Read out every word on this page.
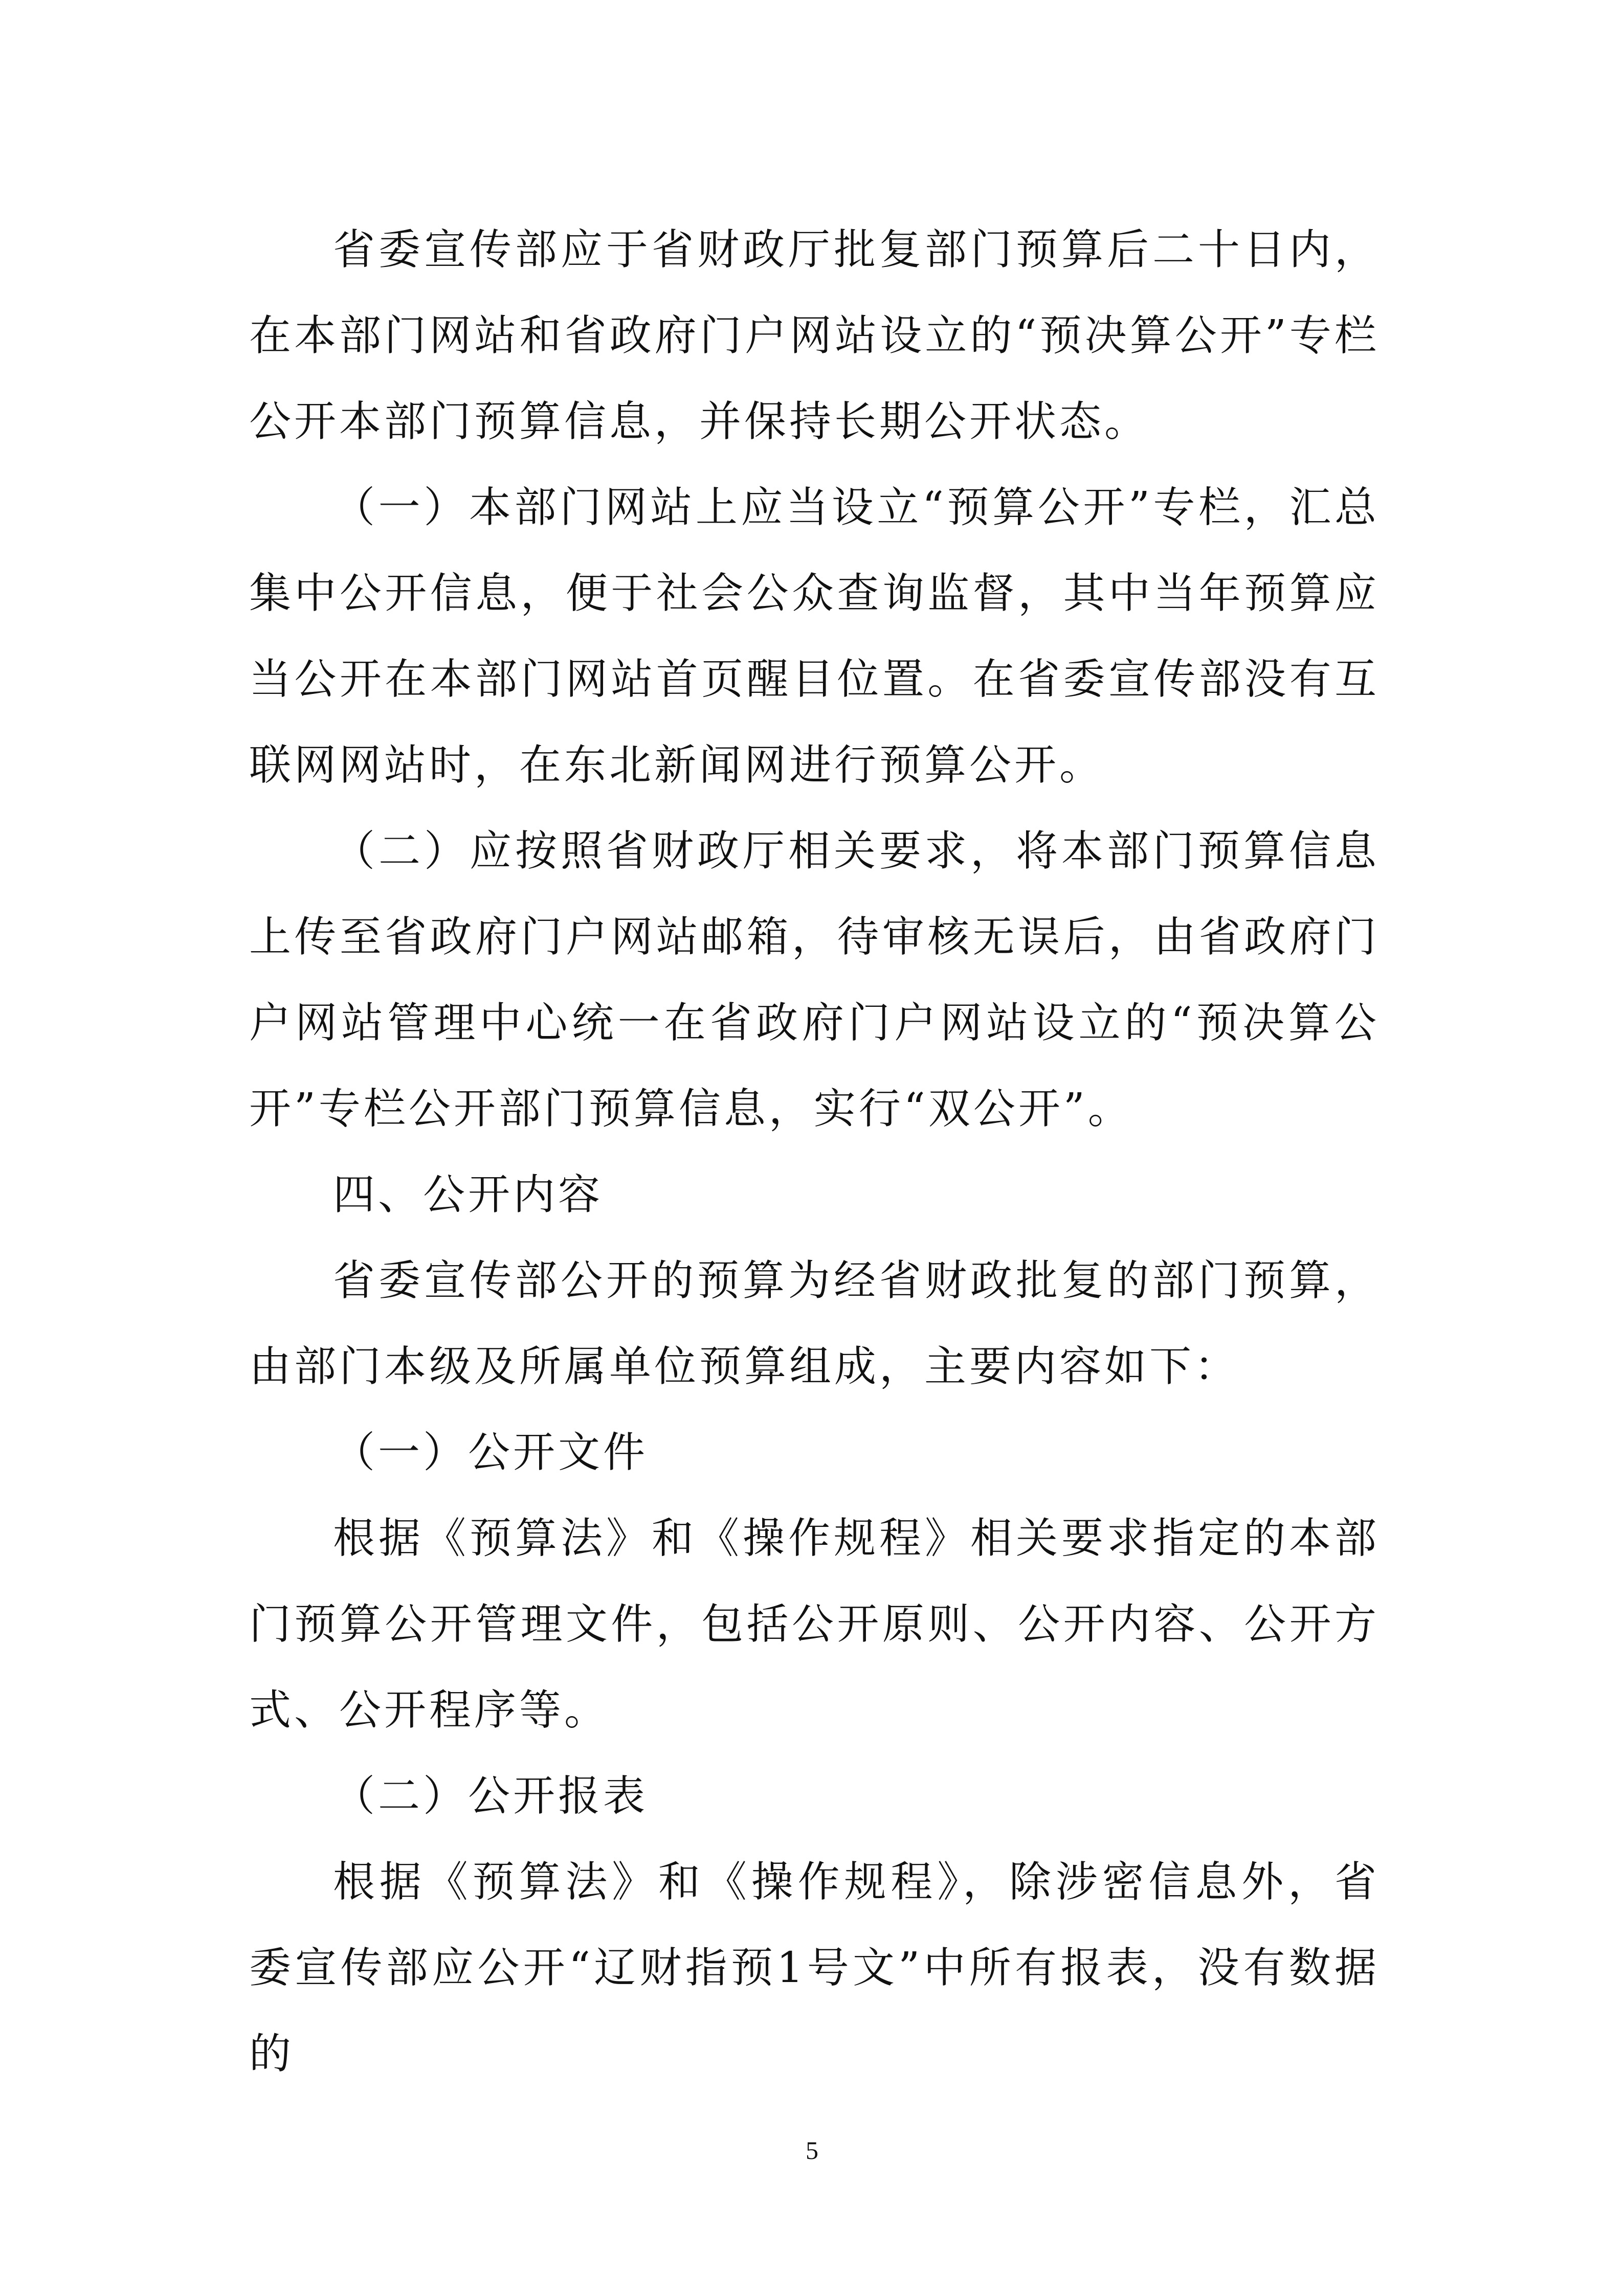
省委宣传部应于省财政厅批复部门预算后二十日内，在本部门网站和省政府门户网站设立的“预决算公开”专栏公开本部门预算信息，并保持长期公开状态。

（一）本部门网站上应当设立“预算公开”专栏，汇总集中公开信息，便于社会公众查询监督，其中当年预算应当公开在本部门网站首页醒目位置。在省委宣传部没有互联网网站时，在东北新闻网进行预算公开。

（二）应按照省财政厅相关要求，将本部门预算信息上传至省政府门户网站邮箱，待审核无误后，由省政府门户网站管理中心统一在省政府门户网站设立的“预决算公开”专栏公开部门预算信息，实行“双公开”。

四、公开内容

省委宣传部公开的预算为经省财政批复的部门预算，由部门本级及所属单位预算组成，主要内容如下：

（一）公开文件

根据《预算法》和《操作规程》相关要求指定的本部门预算公开管理文件，包括公开原则、公开内容、公开方式、公开程序等。

（二）公开报表

根据《预算法》和《操作规程》，除涉密信息外，省委宣传部应公开“辽财指预1号文”中所有报表，没有数据的

5
